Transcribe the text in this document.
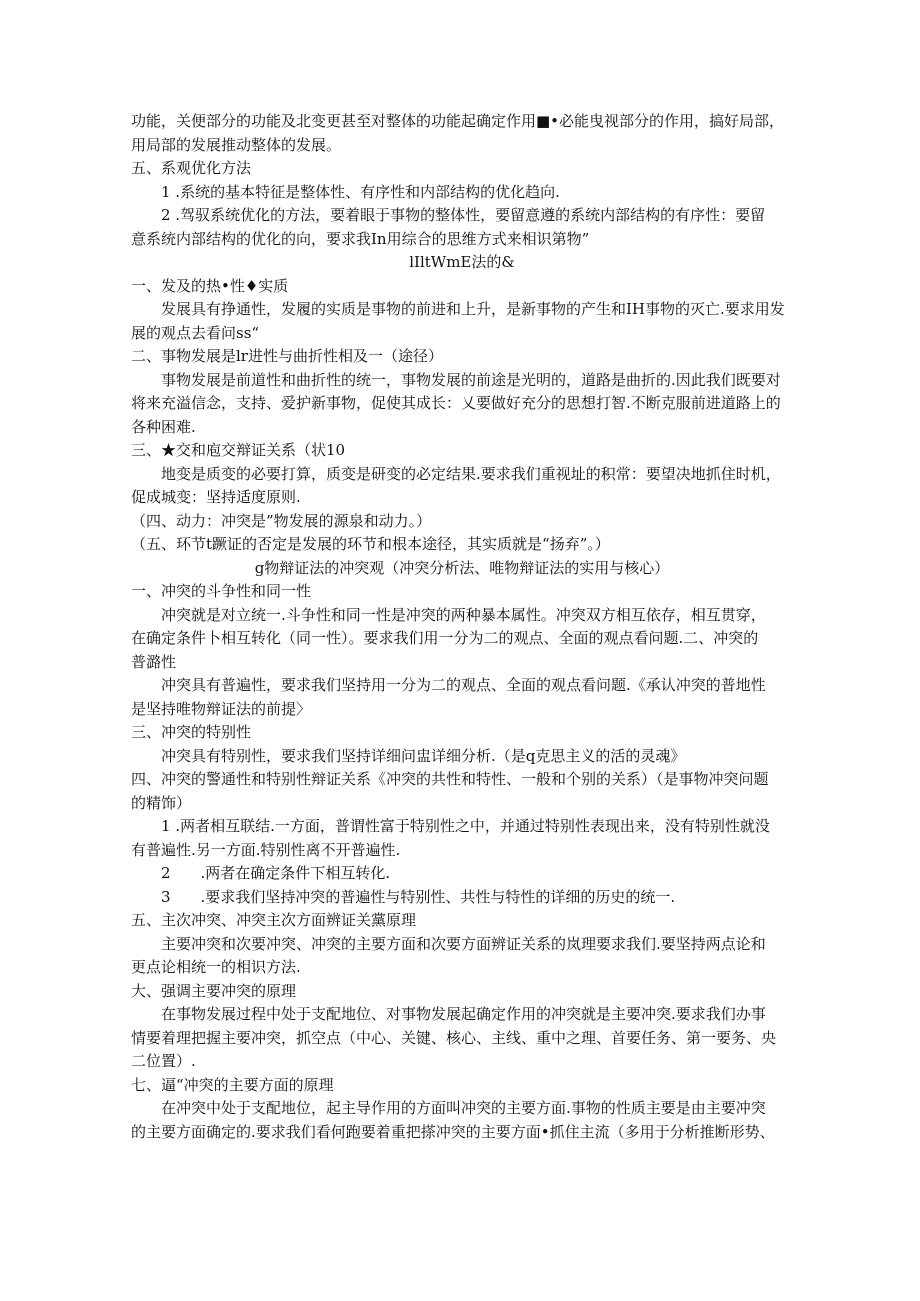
功能，关便部分的功能及北变更甚至对整体的功能起确定作用■•必能曳视部分的作用，搞好局部，
用局部的发展推动整体的发展。
五、系观优化方法
1 .系统的基本特征是整体性、有序性和内部结构的优化趋向.
2 .驾驭系统优化的方法，要着眼于事物的整体性，要留意遵的系统内部结构的有序性：要留
意系统内部结构的优化的向，要求我In用综合的思维方式来相识第物”
lIltWmE法的&
一、发及的热•性♦实质
发展具有挣通性，发履的实质是事物的前进和上升，是新事物的产生和IH事物的灭亡.要求用发
展的观点去看问ss“
二、事物发展是lr进性与曲折性相及一（途径）
事物发展是前道性和曲折性的统一，事物发展的前途是光明的，道路是曲折的.因此我们既要对
将来充溢信念，支持、爱护新事物，促使其成长：乂要做好充分的思想打智.不断克服前进道路上的
各种困难.
三、★交和庖交辩证关系（状10
地变是质变的必要打算，质变是研变的必定结果.要求我们重视址的积常：要望决地抓住时机，
促成城变：坚持适度原则.
（四、动力：冲突是”物发展的源泉和动力。）
（五、环节t蹶证的否定是发展的环节和根本途径，其实质就是“扬弃”。）
g物辩证法的冲突观（冲突分析法、唯物辩证法的实用与核心）
一、冲突的斗争性和同一性
冲突就是对立统一.斗争性和同一性是冲突的两种暴本属性。冲突双方相互依存，相互贯穿，
在确定条件卜相互转化（同一性）。要求我们用一分为二的观点、全面的观点看问题.二、冲突的
普潞性
冲突具有普遍性，要求我们坚持用一分为二的观点、全面的观点看问题.《承认冲突的普地性
是坚持唯物辩证法的前提〉
三、冲突的特别性
冲突具有特别性，要求我们坚持详细问盅详细分析.（是q克思主义的活的灵魂》
四、冲突的警通性和特别性辩证关系《冲突的共性和特性、一般和个别的关系）（是事物冲突问题
的精饰）
1 .两者相互联结.一方面，普谓性富于特别性之中，并通过特别性表现出来，没有特别性就没
有普遍性.另一方面.特别性离不开普遍性.
2　　.两者在确定条件下相互转化.
3　　.要求我们坚持冲突的普遍性与特别性、共性与特性的详细的历史的统一.
五、主次冲突、冲突主次方面辨证关黨原理
主要冲突和次要冲突、冲突的主要方面和次要方面辨证关系的岚理要求我们.要坚持两点论和
更点论相统一的相识方法.
大、强调主要冲突的原理
在事物发展过程中处于支配地位、对事物发展起确定作用的冲突就是主要冲突.要求我们办事
情要着理把握主要冲突，抓空点（中心、关键、核心、主线、重中之理、首要任务、第一要务、央
二位置）.
七、逼“冲突的主要方面的原理
在冲突中处于支配地位，起主导作用的方面叫冲突的主要方面.事物的性质主要是由主要冲突
的主要方面确定的.要求我们看何跑要着重把搽冲突的主要方面•抓住主流（多用于分析推断形势、
